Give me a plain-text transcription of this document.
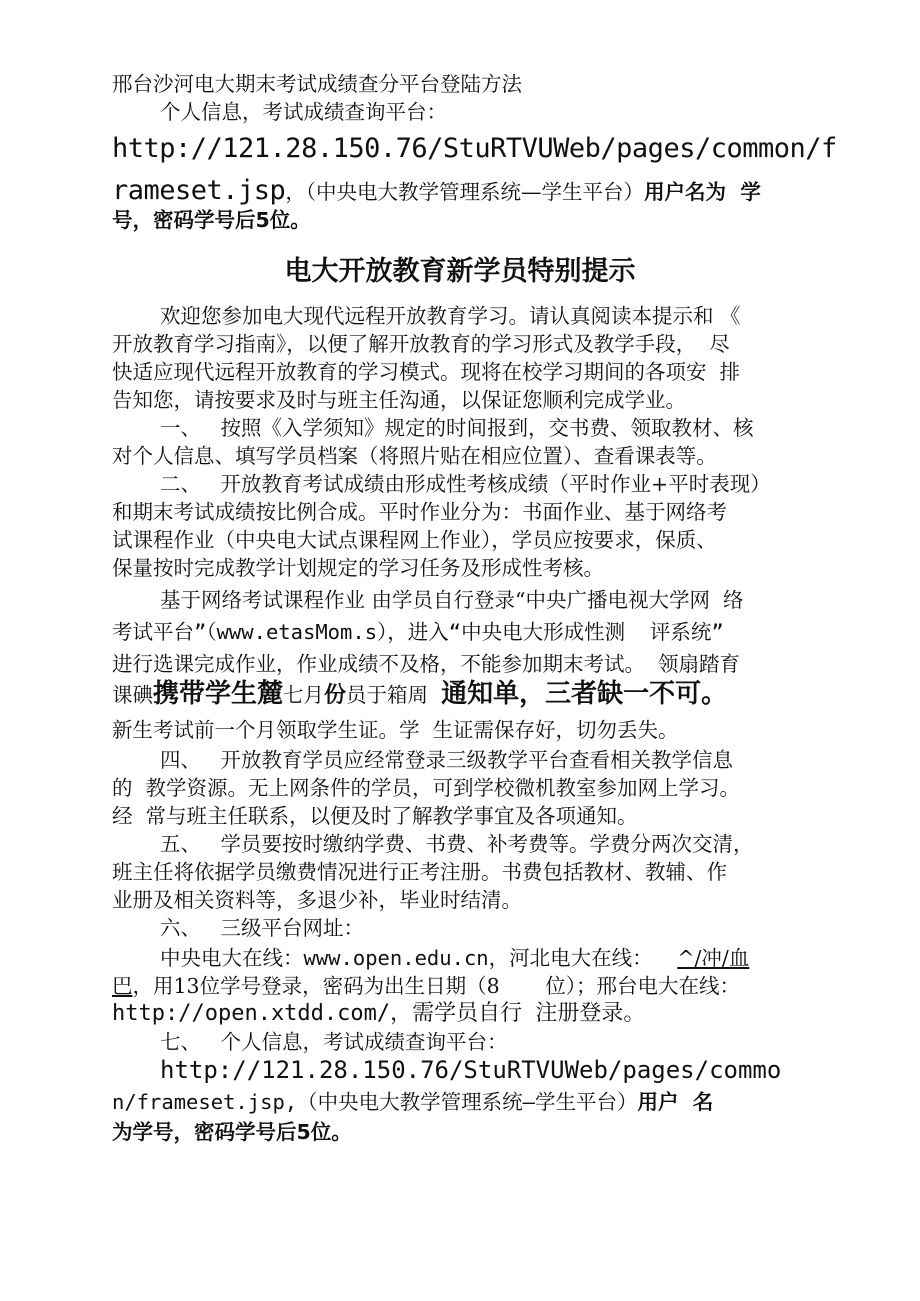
邢台沙河电大期末考试成绩查分平台登陆方法
个人信息，考试成绩查询平台：
http://121.28.150.76/StuRTVUWeb/pages/common/f
rameset.jsp，（中央电大教学管理系统—学生平台）用户名为  学
号，密码学号后5位。
电大开放教育新学员特别提示
欢迎您参加电大现代远程开放教育学习。请认真阅读本提示和 《
开放教育学习指南》，以便了解开放教育的学习形式及教学手段，  尽
快适应现代远程开放教育的学习模式。现将在校学习期间的各项安  排
告知您，请按要求及时与班主任沟通，以保证您顺利完成学业。
一、   按照《入学须知》规定的时间报到，交书费、领取教材、核
对个人信息、填写学员档案（将照片贴在相应位置）、查看课表等。
二、   开放教育考试成绩由形成性考核成绩（平时作业+平时表现）
和期末考试成绩按比例合成。平时作业分为：书面作业、基于网络考
试课程作业（中央电大试点课程网上作业），学员应按要求，保质、
保量按时完成教学计划规定的学习任务及形成性考核。
基于网络考试课程作业 由学员自行登录“中央广播电视大学网  络
考试平台”（www.etasMom.s），进入“中央电大形成性测  评系统”
进行选课完成作业，作业成绩不及格，不能参加期末考试。  领扇踏育
课碘携带学生麓七月份员于箱周  通知单，三者缺一不可。
新生考试前一个月领取学生证。学  生证需保存好，切勿丢失。
四、   开放教育学员应经常登录三级教学平台查看相关教学信息
的  教学资源。无上网条件的学员，可到学校微机教室参加网上学习。
经  常与班主任联系，以便及时了解教学事宜及各项通知。
五、   学员要按时缴纳学费、书费、补考费等。学费分两次交清，
班主任将依据学员缴费情况进行正考注册。书费包括教材、教辅、作
业册及相关资料等，多退少补，毕业时结清。
六、   三级平台网址：
中央电大在线：www.open.edu.cn，河北电大在线：  ^/冲/血
巴，用13位学号登录，密码为出生日期（8       位）；邢台电大在线：
http://open.xtdd.com/，需学员自行 注册登录。
七、   个人信息，考试成绩查询平台：
http://121.28.150.76/StuRTVUWeb/pages/commo
n/frameset.jsp,（中央电大教学管理系统—学生平台）用户  名
为学号，密码学号后5位。
